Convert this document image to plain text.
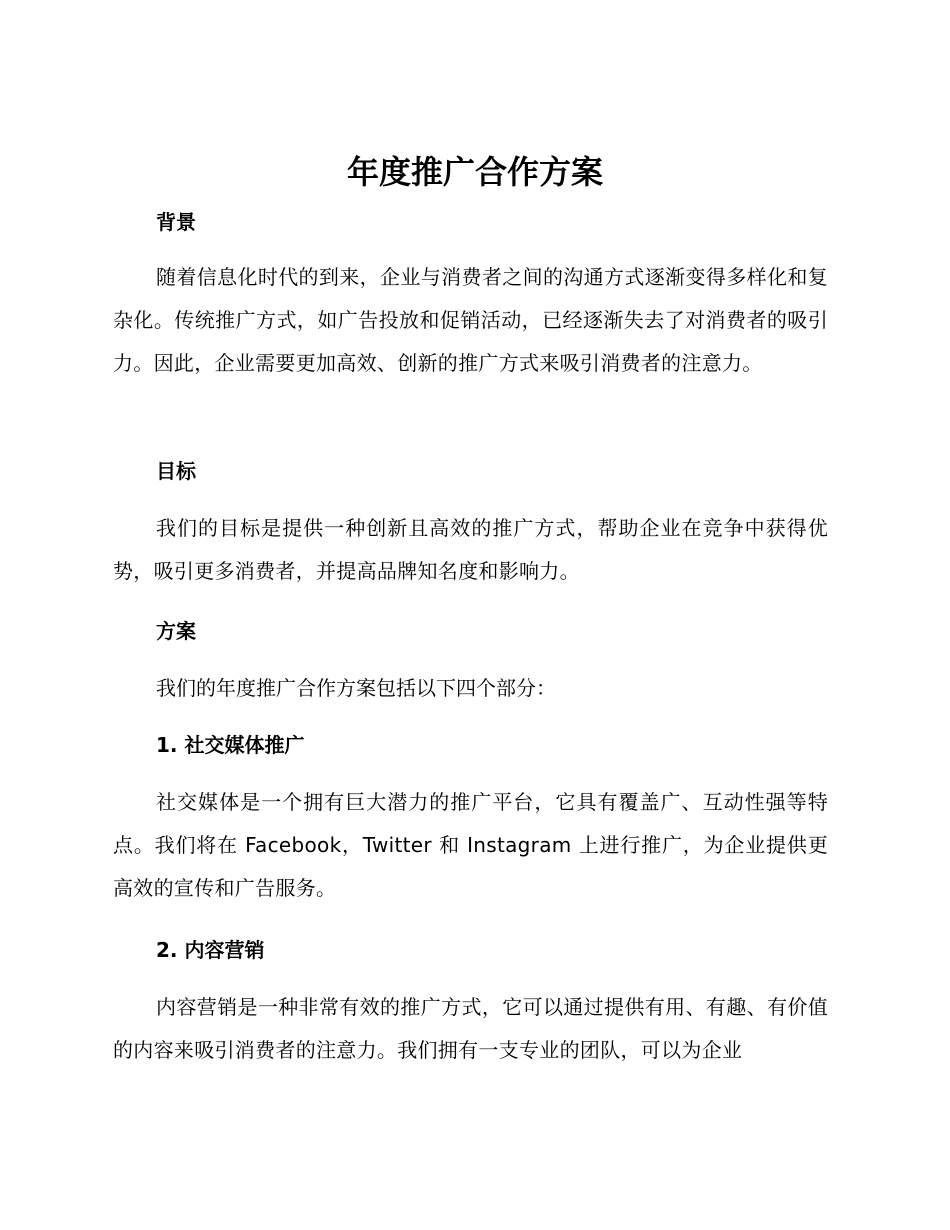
年度推广合作方案
背景

随着信息化时代的到来，企业与消费者之间的沟通方式逐渐变得多样化和复杂化。传统推广方式，如广告投放和促销活动，已经逐渐失去了对消费者的吸引力。因此，企业需要更加高效、创新的推广方式来吸引消费者的注意力。

目标

我们的目标是提供一种创新且高效的推广方式，帮助企业在竞争中获得优势，吸引更多消费者，并提高品牌知名度和影响力。

方案

我们的年度推广合作方案包括以下四个部分：

1. 社交媒体推广

社交媒体是一个拥有巨大潜力的推广平台，它具有覆盖广、互动性强等特点。我们将在 Facebook，Twitter 和 Instagram 上进行推广，为企业提供更高效的宣传和广告服务。

2. 内容营销

内容营销是一种非常有效的推广方式，它可以通过提供有用、有趣、有价值的内容来吸引消费者的注意力。我们拥有一支专业的团队，可以为企业
